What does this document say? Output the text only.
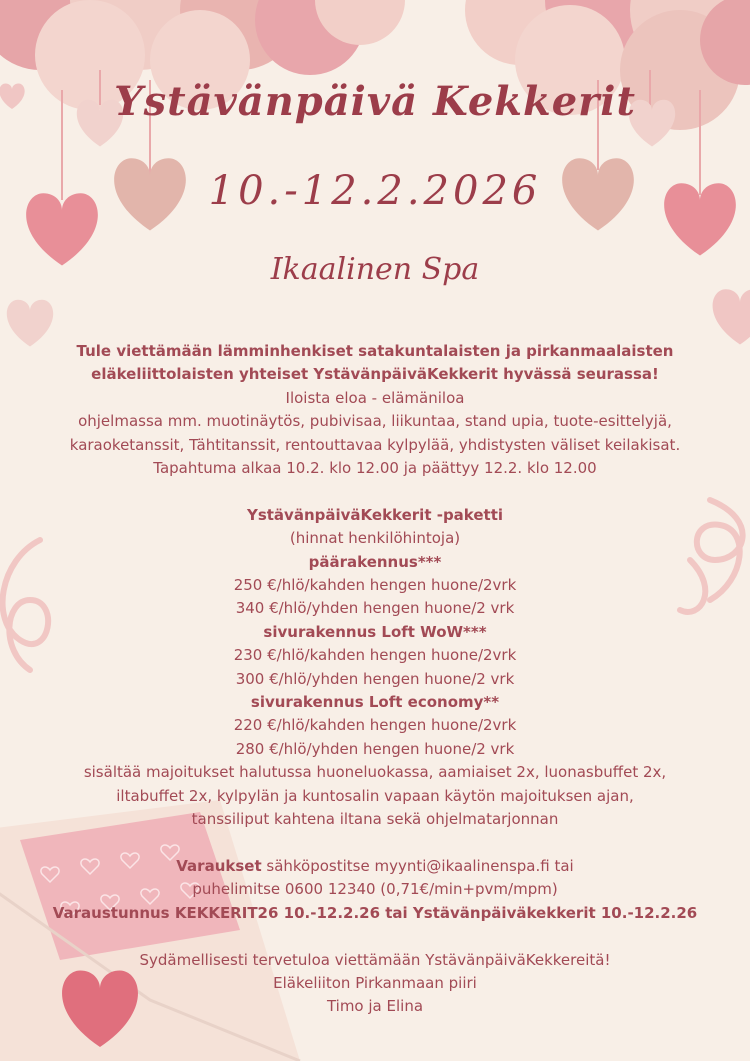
Ystävänpäivä Kekkerit
10.-12.2.2026
Ikaalinen Spa

Tule viettämään lämminhenkiset satakuntalaisten ja pirkanmaalaisten

eläkeliittolaisten yhteiset YstävänpäiväKekkerit hyvässä seurassa!

Iloista eloa - elämäniloa

ohjelmassa mm. muotinäytös, pubivisaa, liikuntaa, stand upia, tuote-esittelyjä,

karaoketanssit, Tähtitanssit, rentouttavaa kylpylää, yhdistysten väliset keilakisat.

Tapahtuma alkaa 10.2. klo 12.00 ja päättyy 12.2. klo 12.00

YstävänpäiväKekkerit -paketti

(hinnat henkilöhintoja)

päärakennus***

250 €/hlö/kahden hengen huone/2vrk

340 €/hlö/yhden hengen huone/2 vrk

sivurakennus Loft WoW***

230 €/hlö/kahden hengen huone/2vrk

300 €/hlö/yhden hengen huone/2 vrk

sivurakennus Loft economy**

220 €/hlö/kahden hengen huone/2vrk

280 €/hlö/yhden hengen huone/2 vrk

sisältää majoitukset halutussa huoneluokassa, aamiaiset 2x, luonasbuffet 2x,

iltabuffet 2x, kylpylän ja kuntosalin vapaan käytön majoituksen ajan,

tanssiliput kahtena iltana sekä ohjelmatarjonnan

Varaukset sähköpostitse myynti@ikaalinenspa.fi tai

puhelimitse 0600 12340 (0,71€/min+pvm/mpm)

Varaustunnus KEKKERIT26 10.-12.2.26 tai Ystävänpäiväkekkerit 10.-12.2.26

Sydämellisesti tervetuloa viettämään YstävänpäiväKekkereitä!

Eläkeliiton Pirkanmaan piiri

Timo ja Elina
